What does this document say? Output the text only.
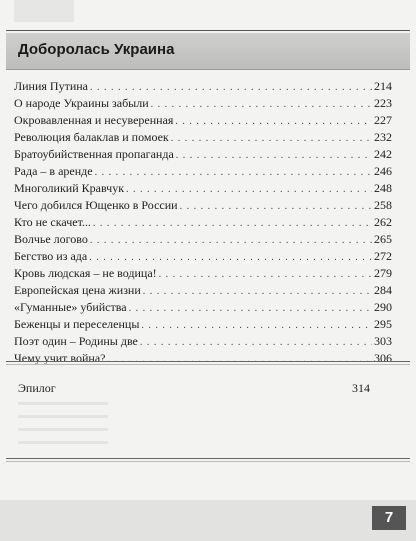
Доборолась Украина
Линия Путина . . .	214
О народе Украины забыли . . .	223
Окровавленная и несуверенная . . .	227
Революция балаклав и помоек . . .	232
Братоубийственная пропаганда . . .	242
Рада – в аренде . . .	246
Многоликий Кравчук . . .	248
Чего добился Ющенко в России . . .	258
Кто не скачет... . . .	262
Волчье логово . . .	265
Бегство из ада . . .	272
Кровь людская – не водица! . . .	279
Европейская цена жизни . . .	284
«Гуманные» убийства . . .	290
Беженцы и переселенцы . . .	295
Поэт один – Родины две . . .	303
Чему учит война? . . .	306
Эпилог	314
7
